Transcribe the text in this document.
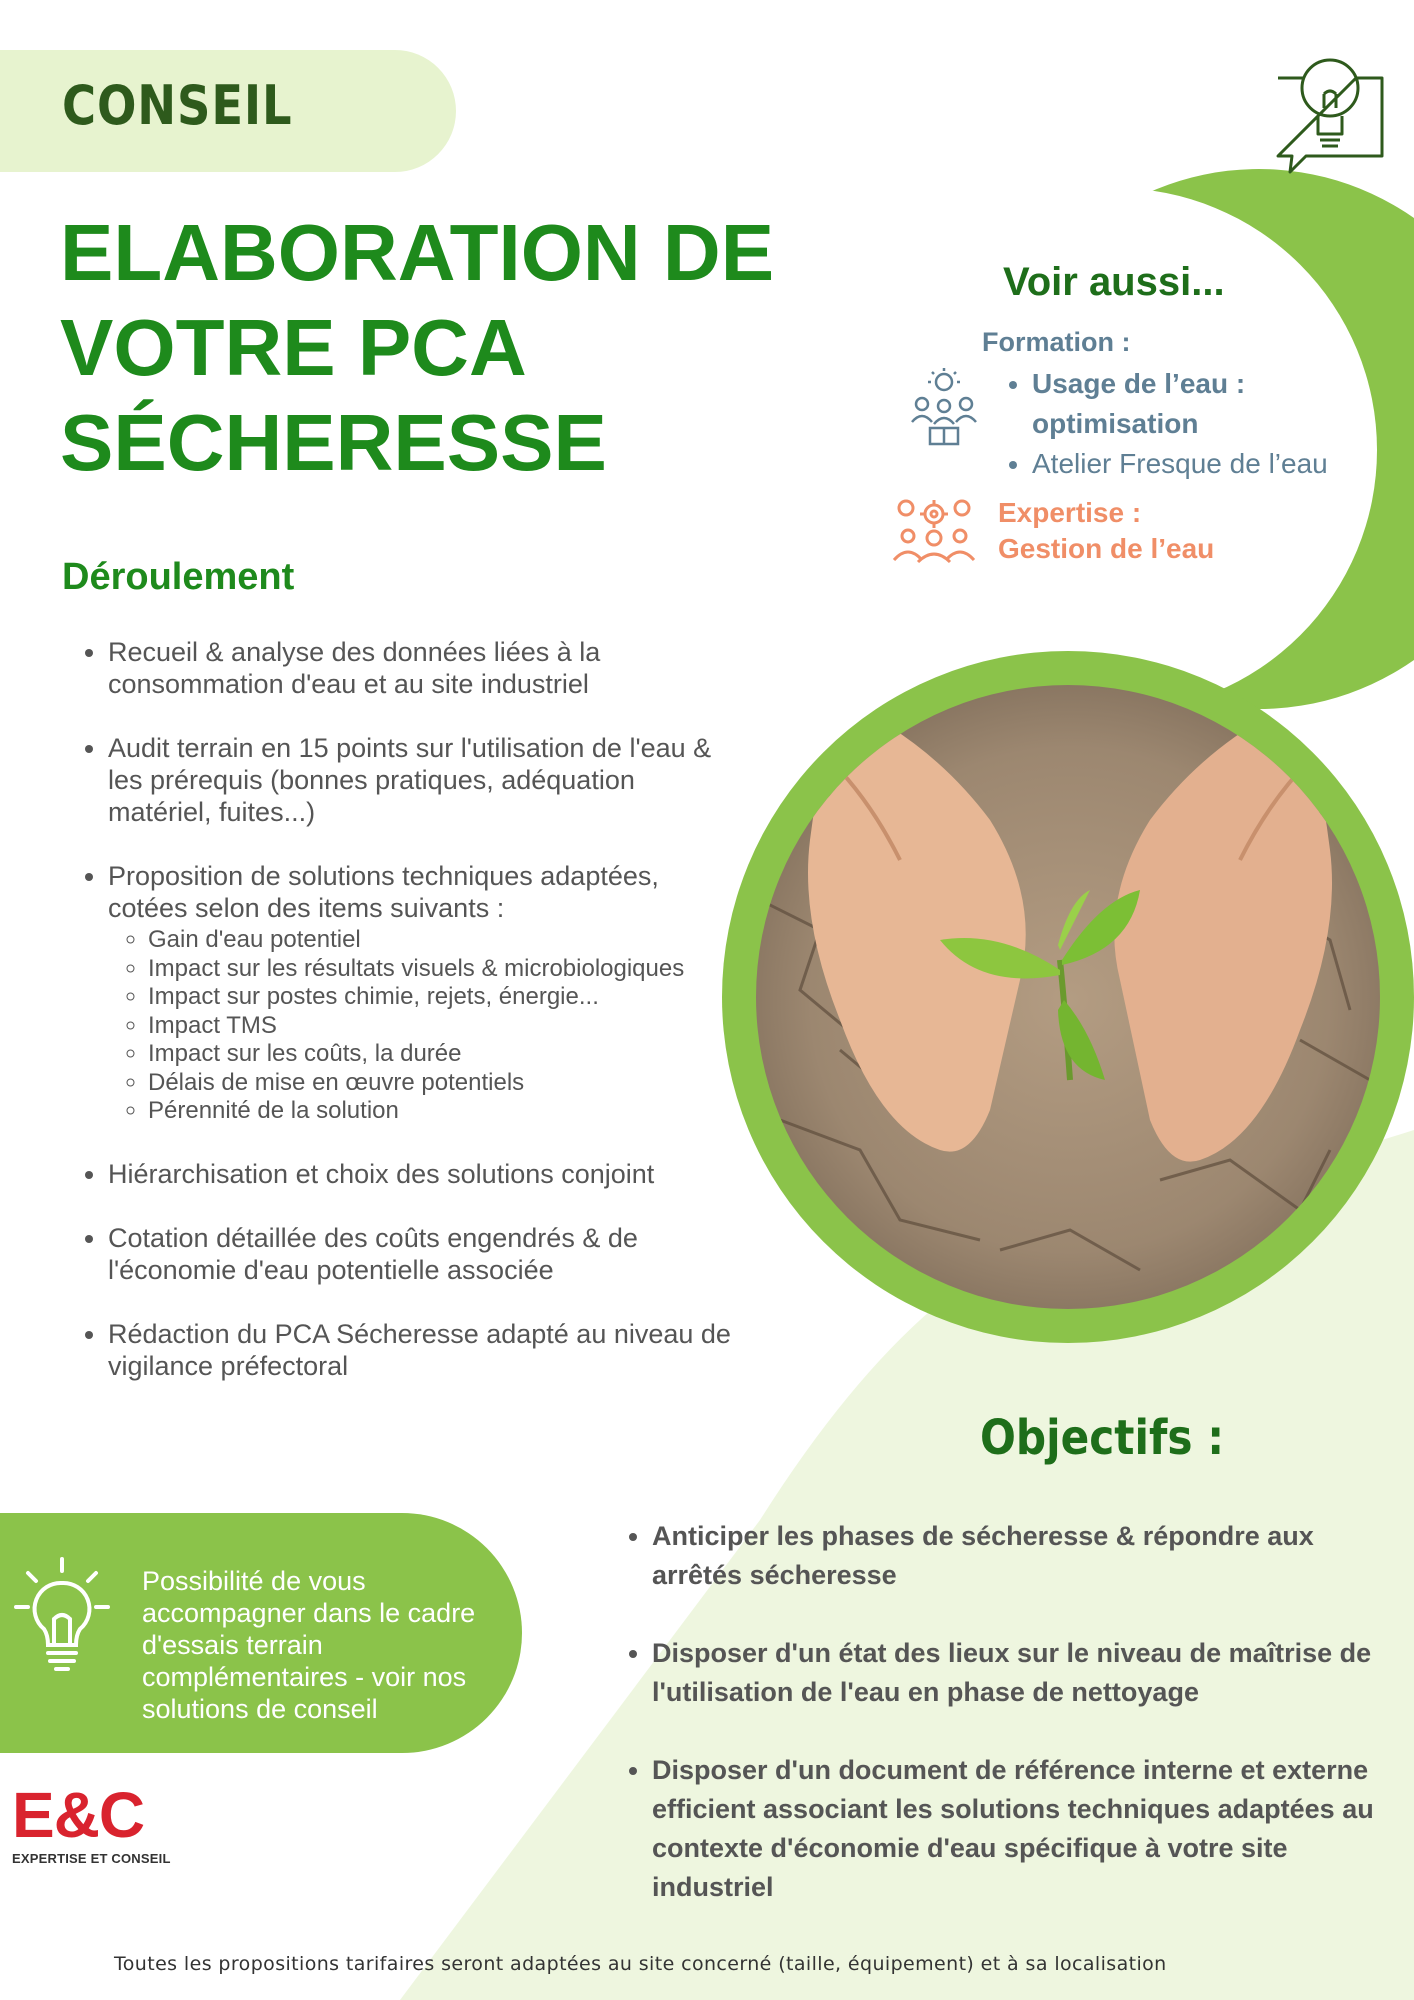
CONSEIL
ELABORATION DE
VOTRE PCA
SÉCHERESSE
Déroulement
• Recueil & analyse des données liées à la consommation d'eau et au site industriel
• Audit terrain en 15 points sur l'utilisation de l'eau & les prérequis (bonnes pratiques, adéquation matériel, fuites...)
• Proposition de solutions techniques adaptées, cotées selon des items suivants :
◦ Gain d'eau potentiel
◦ Impact sur les résultats visuels & microbiologiques
◦ Impact sur postes chimie, rejets, énergie...
◦ Impact TMS
◦ Impact sur les coûts, la durée
◦ Délais de mise en œuvre potentiels
◦ Pérennité de la solution
• Hiérarchisation et choix des solutions conjoint
• Cotation détaillée des coûts engendrés & de l'économie d'eau potentielle associée
• Rédaction du PCA Sécheresse adapté au niveau de vigilance préfectoral
Voir aussi...
Formation :
• Usage de l’eau : optimisation
• Atelier Fresque de l’eau
Expertise :
Gestion de l’eau
Possibilité de vous accompagner dans le cadre d'essais terrain complémentaires - voir nos solutions de conseil
Objectifs :
• Anticiper les phases de sécheresse & répondre aux arrêtés sécheresse
• Disposer d'un état des lieux sur le niveau de maîtrise de l'utilisation de l'eau en phase de nettoyage
• Disposer d'un document de référence interne et externe efficient associant les solutions techniques adaptées au contexte d'économie d'eau spécifique à votre site industriel
E&C
EXPERTISE ET CONSEIL
Toutes les propositions tarifaires seront adaptées au site concerné (taille, équipement) et à sa localisation
